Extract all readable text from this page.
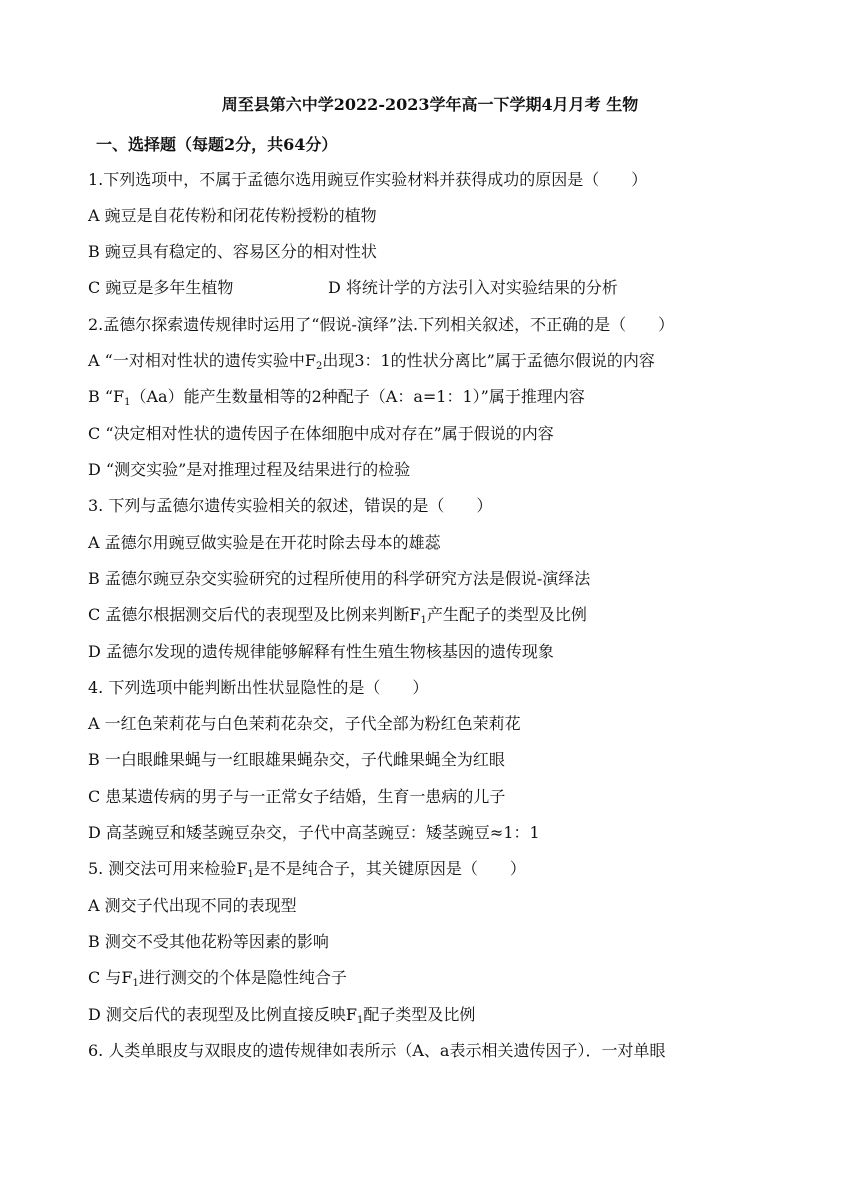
周至县第六中学2022-2023学年高一下学期4月月考 生物
一、选择题（每题2分，共64分）
1.下列选项中，不属于孟德尔选用豌豆作实验材料并获得成功的原因是（　　）
A 豌豆是自花传粉和闭花传粉授粉的植物
B 豌豆具有稳定的、容易区分的相对性状
C 豌豆是多年生植物	D 将统计学的方法引入对实验结果的分析
2.孟德尔探索遗传规律时运用了“假说-演绎”法.下列相关叙述，不正确的是（　　）
A “一对相对性状的遗传实验中$F_2$出现3：1的性状分离比”属于孟德尔假说的内容
B “$F_1(Aa)$能产生数量相等的2种配子（A：a=1：1）”属于推理内容
C “决定相对性状的遗传因子在体细胞中成对存在”属于假说的内容
D “测交实验”是对推理过程及结果进行的检验
3. 下列与孟德尔遗传实验相关的叙述，错误的是（　　）
A 孟德尔用豌豆做实验是在开花时除去母本的雄蕊
B 孟德尔豌豆杂交实验研究的过程所使用的科学研究方法是假说-演绎法
C 孟德尔根据测交后代的表现型及比例来判断$F_1$产生配子的类型及比例
D 孟德尔发现的遗传规律能够解释有性生殖生物核基因的遗传现象
4. 下列选项中能判断出性状显隐性的是（　　）
A 一红色茉莉花与白色茉莉花杂交，子代全部为粉红色茉莉花
B 一白眼雌果蝇与一红眼雄果蝇杂交，子代雌果蝇全为红眼
C 患某遗传病的男子与一正常女子结婚，生育一患病的儿子
D 高茎豌豆和矮茎豌豆杂交，子代中高茎豌豆：矮茎豌豆≈1：1
5. 测交法可用来检验$F_1$是不是纯合子，其关键原因是（　　）
A 测交子代出现不同的表现型
B 测交不受其他花粉等因素的影响
C 与$F_1$进行测交的个体是隐性纯合子
D 测交后代的表现型及比例直接反映$F_1$配子类型及比例
6. 人类单眼皮与双眼皮的遗传规律如表所示（A、a表示相关遗传因子）．一对单眼
